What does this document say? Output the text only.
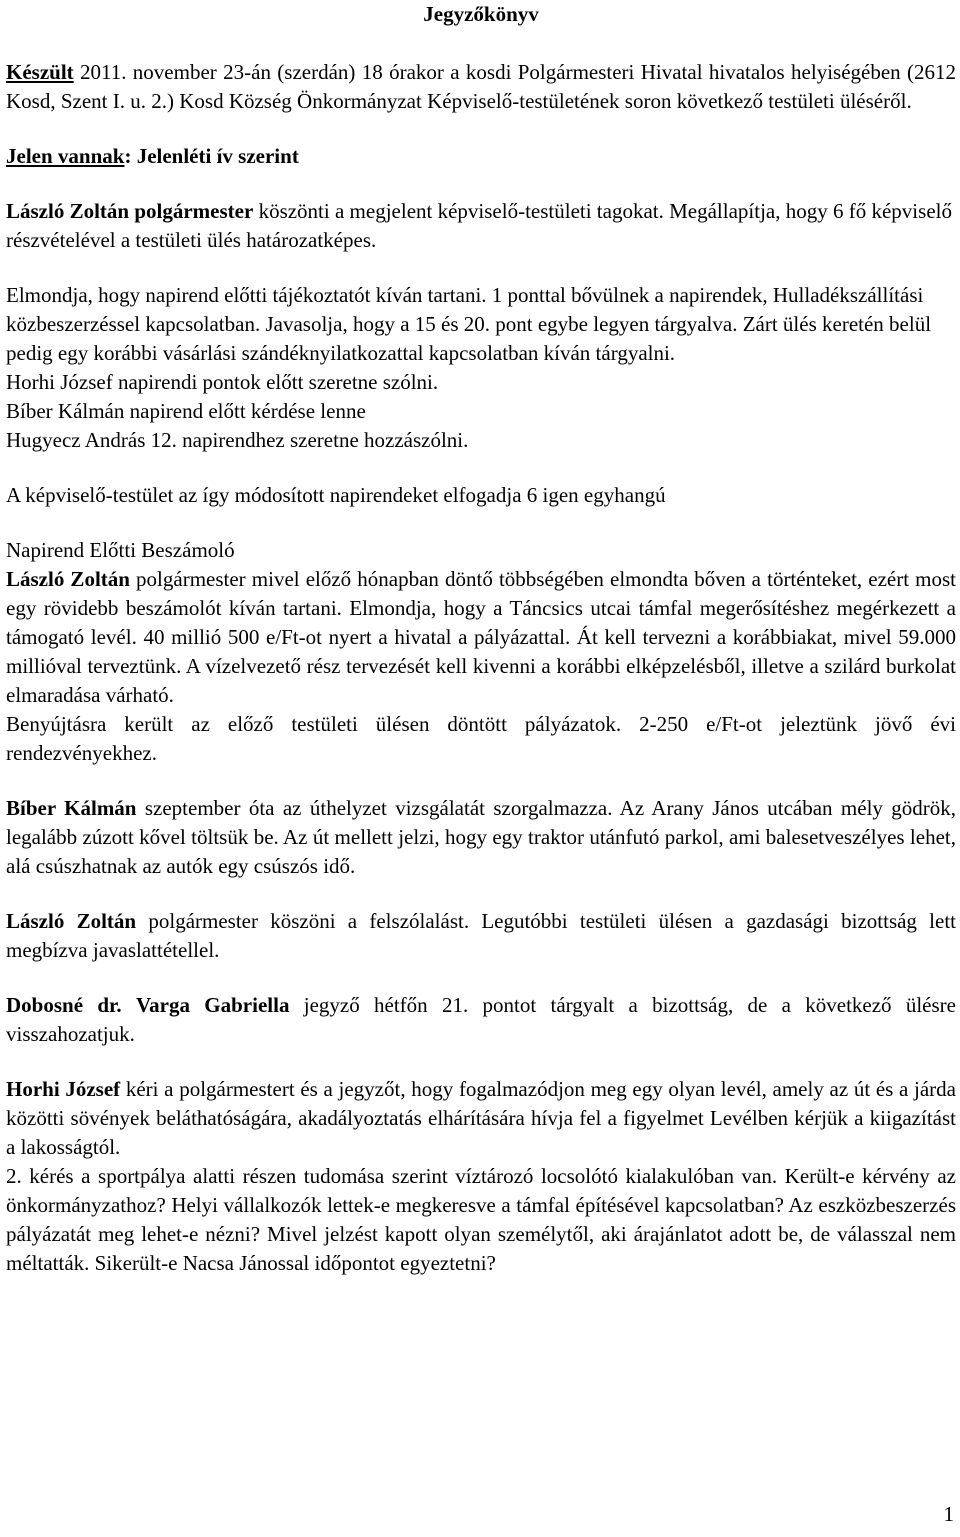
Jegyzőkönyv

Készült 2011. november 23-án (szerdán) 18 órakor a kosdi Polgármesteri Hivatal hivatalos helyiségében (2612 Kosd, Szent I. u. 2.) Kosd Község Önkormányzat Képviselő-testületének soron következő testületi üléséről.

Jelen vannak: Jelenléti ív szerint

László Zoltán polgármester köszönti a megjelent képviselő-testületi tagokat. Megállapítja, hogy 6 fő képviselő részvételével a testületi ülés határozatképes.

Elmondja, hogy napirend előtti tájékoztatót kíván tartani. 1 ponttal bővülnek a napirendek, Hulladékszállítási közbeszerzéssel kapcsolatban. Javasolja, hogy a 15 és 20. pont egybe legyen tárgyalva. Zárt ülés keretén belül pedig egy korábbi vásárlási szándéknyilatkozattal kapcsolatban kíván tárgyalni.

Horhi József napirendi pontok előtt szeretne szólni.

Bíber Kálmán napirend előtt kérdése lenne

Hugyecz András 12. napirendhez szeretne hozzászólni.

A képviselő-testület az így módosított napirendeket elfogadja 6 igen egyhangú

Napirend Előtti Beszámoló

László Zoltán polgármester mivel előző hónapban döntő többségében elmondta bőven a történteket, ezért most egy rövidebb beszámolót kíván tartani. Elmondja, hogy a Táncsics utcai támfal megerősítéshez megérkezett a támogató levél. 40 millió 500 e/Ft-ot nyert a hivatal a pályázattal. Át kell tervezni a korábbiakat, mivel 59.000 millióval terveztünk. A vízelvezető rész tervezését kell kivenni a korábbi elképzelésből, illetve a szilárd burkolat elmaradása várható.

Benyújtásra került az előző testületi ülésen döntött pályázatok. 2-250 e/Ft-ot jeleztünk jövő évi rendezvényekhez.

Bíber Kálmán szeptember óta az úthelyzet vizsgálatát szorgalmazza. Az Arany János utcában mély gödrök, legalább zúzott kővel töltsük be. Az út mellett jelzi, hogy egy traktor utánfutó parkol, ami balesetveszélyes lehet, alá csúszhatnak az autók egy csúszós idő.

László Zoltán polgármester köszöni a felszólalást. Legutóbbi testületi ülésen a gazdasági bizottság lett megbízva javaslattétellel.

Dobosné dr. Varga Gabriella jegyző hétfőn 21. pontot tárgyalt a bizottság, de a következő ülésre visszahozatjuk.

Horhi József kéri a polgármestert és a jegyzőt, hogy fogalmazódjon meg egy olyan levél, amely az út és a járda közötti sövények beláthatóságára, akadályoztatás elhárítására hívja fel a figyelmet Levélben kérjük a kiigazítást a lakosságtól.

2. kérés a sportpálya alatti részen tudomása szerint víztározó locsolótó kialakulóban van. Került-e kérvény az önkormányzathoz? Helyi vállalkozók lettek-e megkeresve a támfal építésével kapcsolatban? Az eszközbeszerzés pályázatát meg lehet-e nézni? Mivel jelzést kapott olyan személytől, aki árajánlatot adott be, de válasszal nem méltatták. Sikerült-e Nacsa Jánossal időpontot egyeztetni?

1
